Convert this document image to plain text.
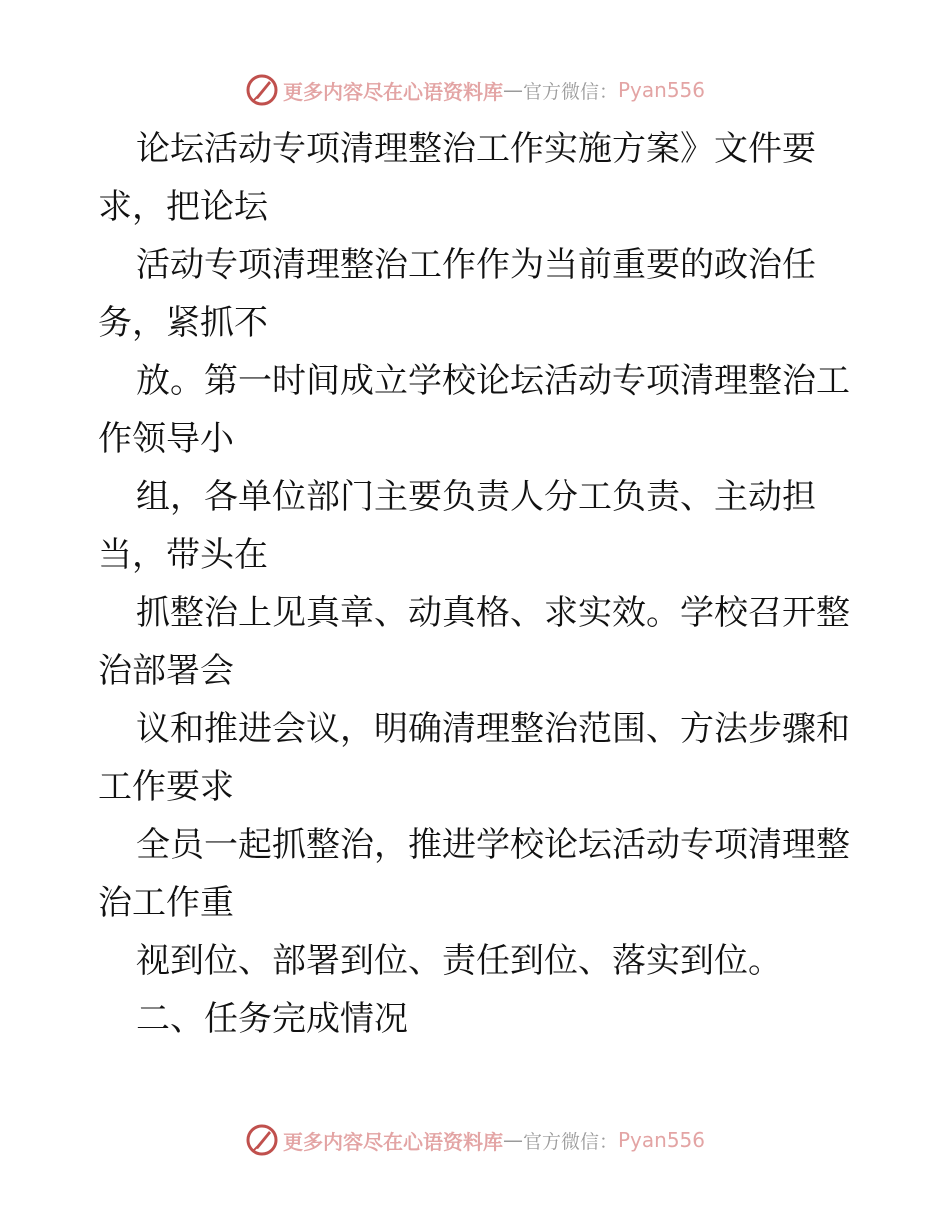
更多内容尽在心语资料库 — 官方微信： Pyan556
论坛活动专项清理整治工作实施方案》文件要
求，把论坛
活动专项清理整治工作作为当前重要的政治任
务，紧抓不
放。第一时间成立学校论坛活动专项清理整治工
作领导小
组，各单位部门主要负责人分工负责、主动担
当，带头在
抓整治上见真章、动真格、求实效。学校召开整
治部署会
议和推进会议，明确清理整治范围、方法步骤和
工作要求
全员一起抓整治，推进学校论坛活动专项清理整
治工作重
视到位、部署到位、责任到位、落实到位。
二、任务完成情况
更多内容尽在心语资料库 — 官方微信： Pyan556
